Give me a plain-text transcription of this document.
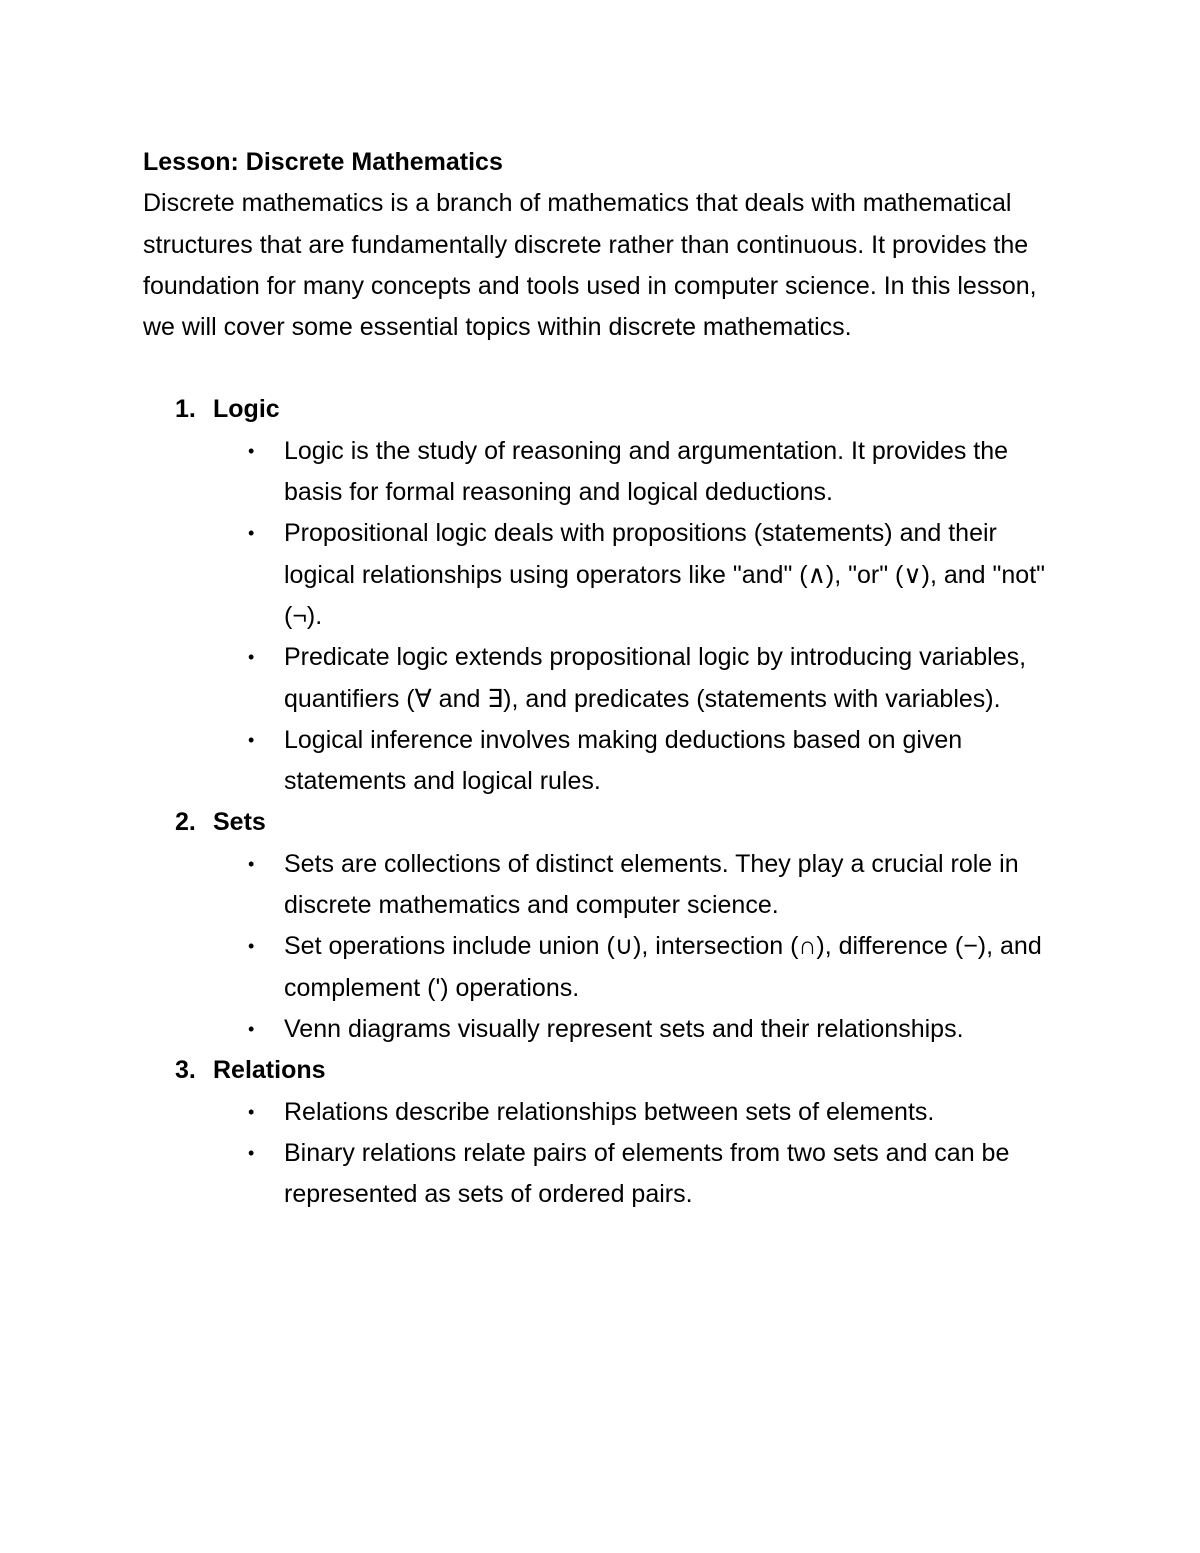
Lesson: Discrete Mathematics

Discrete mathematics is a branch of mathematics that deals with mathematical structures that are fundamentally discrete rather than continuous. It provides the foundation for many concepts and tools used in computer science. In this lesson, we will cover some essential topics within discrete mathematics.

1. Logic

• Logic is the study of reasoning and argumentation. It provides the basis for formal reasoning and logical deductions.
• Propositional logic deals with propositions (statements) and their logical relationships using operators like "and" (∧), "or" (∨), and "not" (¬).
• Predicate logic extends propositional logic by introducing variables, quantifiers (∀ and ∃), and predicates (statements with variables).
• Logical inference involves making deductions based on given statements and logical rules.
2. Sets

• Sets are collections of distinct elements. They play a crucial role in discrete mathematics and computer science.
• Set operations include union (∪), intersection (∩), difference (−), and complement (') operations.
• Venn diagrams visually represent sets and their relationships.
3. Relations

• Relations describe relationships between sets of elements.
• Binary relations relate pairs of elements from two sets and can be represented as sets of ordered pairs.
